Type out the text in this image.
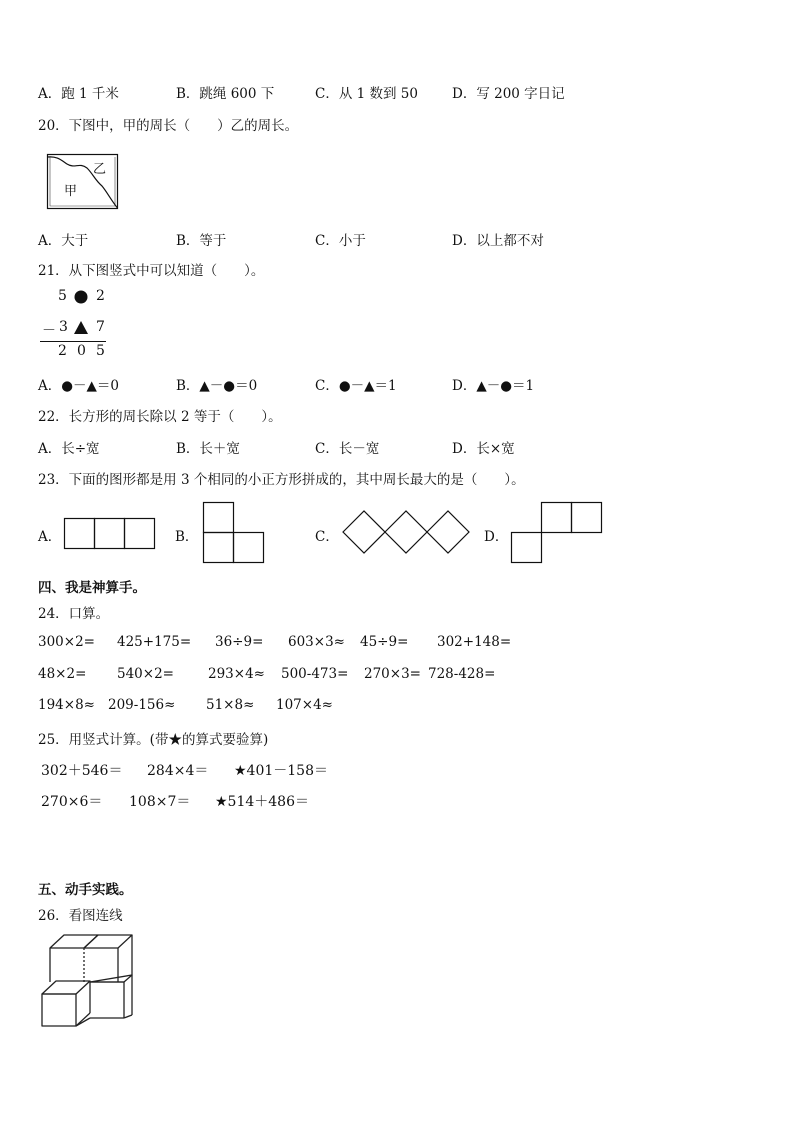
A．跑 1 千米	B．跳绳 600 下	C．从 1 数到 50	D．写 200 字日记
20．下图中，甲的周长（　　）乙的周长。
乙
甲
A．大于	B．等于	C．小于	D．以上都不对
21．从下图竖式中可以知道（　　）。
5 2
－ 3 7
2 0 5
A．●－▲＝0	B．▲－●＝0	C．●－▲＝1	D．▲－●＝1
22．长方形的周长除以 2 等于（　　）。
A．长÷宽	B．长＋宽	C．长－宽	D．长×宽
23．下面的图形都是用 3 个相同的小正方形拼成的，其中周长最大的是（　　）。
A．	B．	C．	D．
四、我是神算手。
24．口算。
300×2= 425+175= 36÷9= 603×3≈ 45÷9= 302+148=
48×2= 540×2=	293×4≈ 500-473= 270×3= 728-428=
194×8≈ 209-156≈ 51×8≈ 107×4≈
25．用竖式计算。(带★的算式要验算)
302＋546＝ 284×4＝ ★401－158＝
270×6＝ 108×7＝ ★514＋486＝
五、动手实践。
26．看图连线
